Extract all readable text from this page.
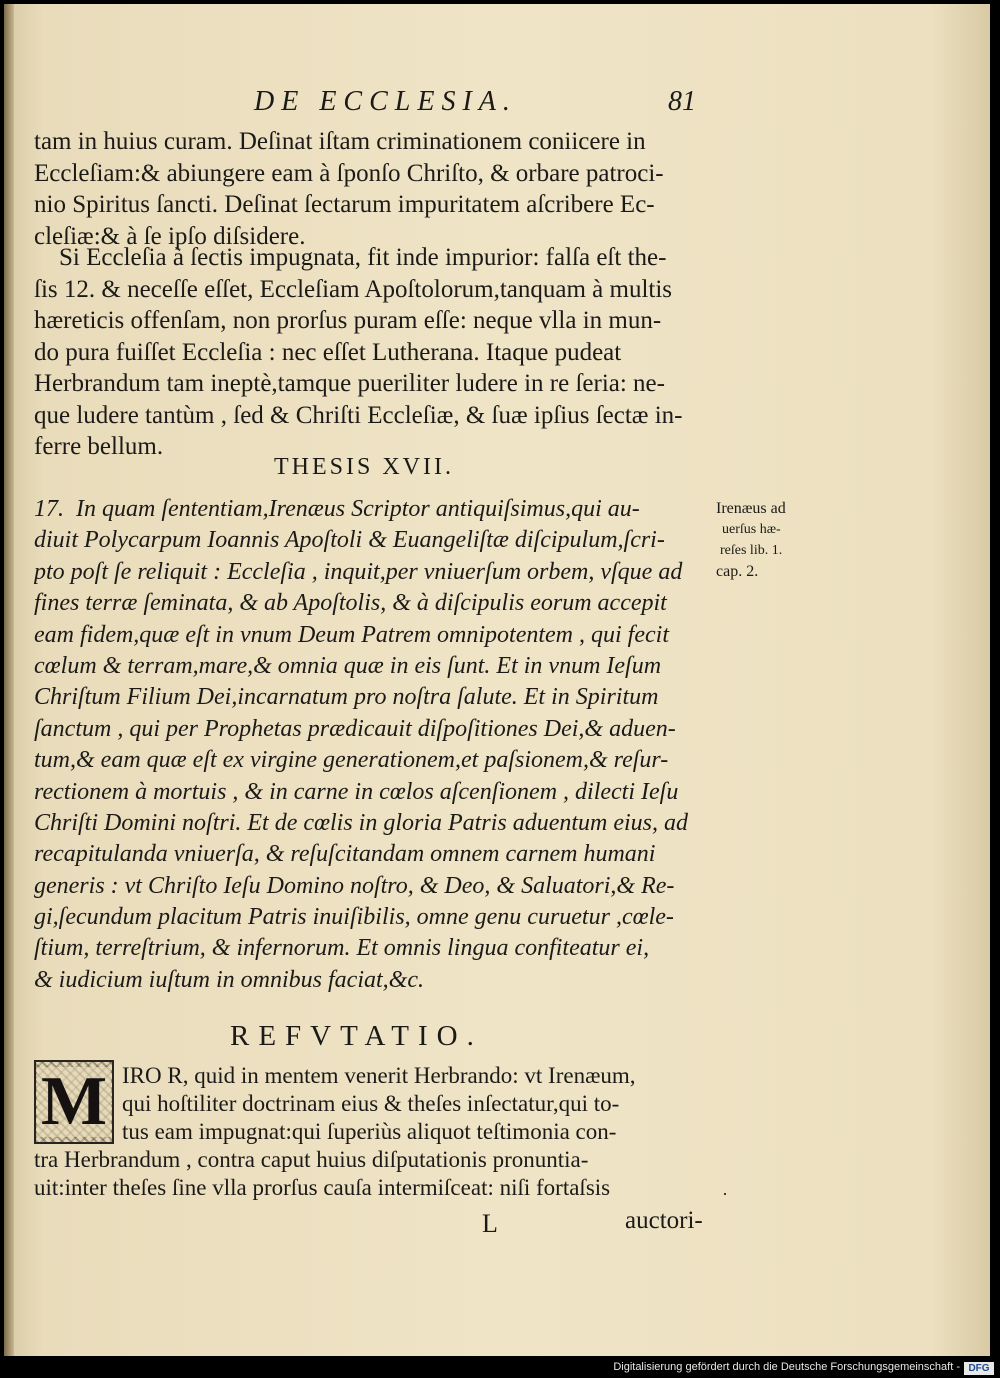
DE ECCLESIA.	81
tam in huius curam. Deſinat iſtam criminationem coniicere in
Eccleſiam:& abiungere eam à ſponſo Chriſto, & orbare patroci-
nio Spiritus ſancti. Deſinat ſectarum impuritatem aſcribere Ec-
cleſiæ:& à ſe ipſo diſsidere.
Si Eccleſia à ſectis impugnata, fit inde impurior: falſa eſt the-
ſis 12. & neceſſe eſſet, Eccleſiam Apoſtolorum,tanquam à multis
hæreticis offenſam, non prorſus puram eſſe: neque vlla in mun-
do pura fuiſſet Eccleſia : nec eſſet Lutherana. Itaque pudeat
Herbrandum tam ineptè,tamque pueriliter ludere in re ſeria: ne-
que ludere tantùm , ſed & Chriſti Eccleſiæ, & ſuæ ipſius ſectæ in-
ferre bellum.
THESIS XVII.
17.  In quam ſententiam,Irenæus Scriptor antiquiſsimus,qui au-
diuit Polycarpum Ioannis Apoſtoli & Euangeliſtæ diſcipulum,ſcri-
pto poſt ſe reliquit : Eccleſia , inquit,per vniuerſum orbem, vſque ad
fines terræ ſeminata, & ab Apoſtolis, & à diſcipulis eorum accepit
eam fidem,quæ eſt in vnum Deum Patrem omnipotentem , qui fecit
cœlum & terram,mare,& omnia quæ in eis ſunt. Et in vnum Ieſum
Chriſtum Filium Dei,incarnatum pro noſtra ſalute. Et in Spiritum
ſanctum , qui per Prophetas prædicauit diſpoſitiones Dei,& aduen-
tum,& eam quæ eſt ex virgine generationem,et paſsionem,& reſur-
rectionem à mortuis , & in carne in cœlos aſcenſionem , dilecti Ieſu
Chriſti Domini noſtri. Et de cœlis in gloria Patris aduentum eius, ad
recapitulanda vniuerſa, & reſuſcitandam omnem carnem humani
generis : vt Chriſto Ieſu Domino noſtro, & Deo, & Saluatori,& Re-
gi,ſecundum placitum Patris inuiſibilis, omne genu curuetur ,cœle-
ſtium, terreſtrium, & infernorum. Et omnis lingua confiteatur ei,
& iudicium iuſtum in omnibus faciat,&c.
Irenæus ad
uerſus hæ-
reſes lib. 1.
cap. 2.
REFVTATIO.
M IRO R, quid in mentem venerit Herbrando: vt Irenæum,
qui hoſtiliter doctrinam eius & theſes inſectatur,qui to-
tus eam impugnat:qui ſuperiùs aliquot teſtimonia con-
tra Herbrandum , contra caput huius diſputationis pronuntia-
uit:inter theſes ſine vlla prorſus cauſa intermiſceat: niſi fortaſsis	·
L	auctori-
Digitalisierung gefördert durch die Deutsche Forschungsgemeinschaft - DFG
